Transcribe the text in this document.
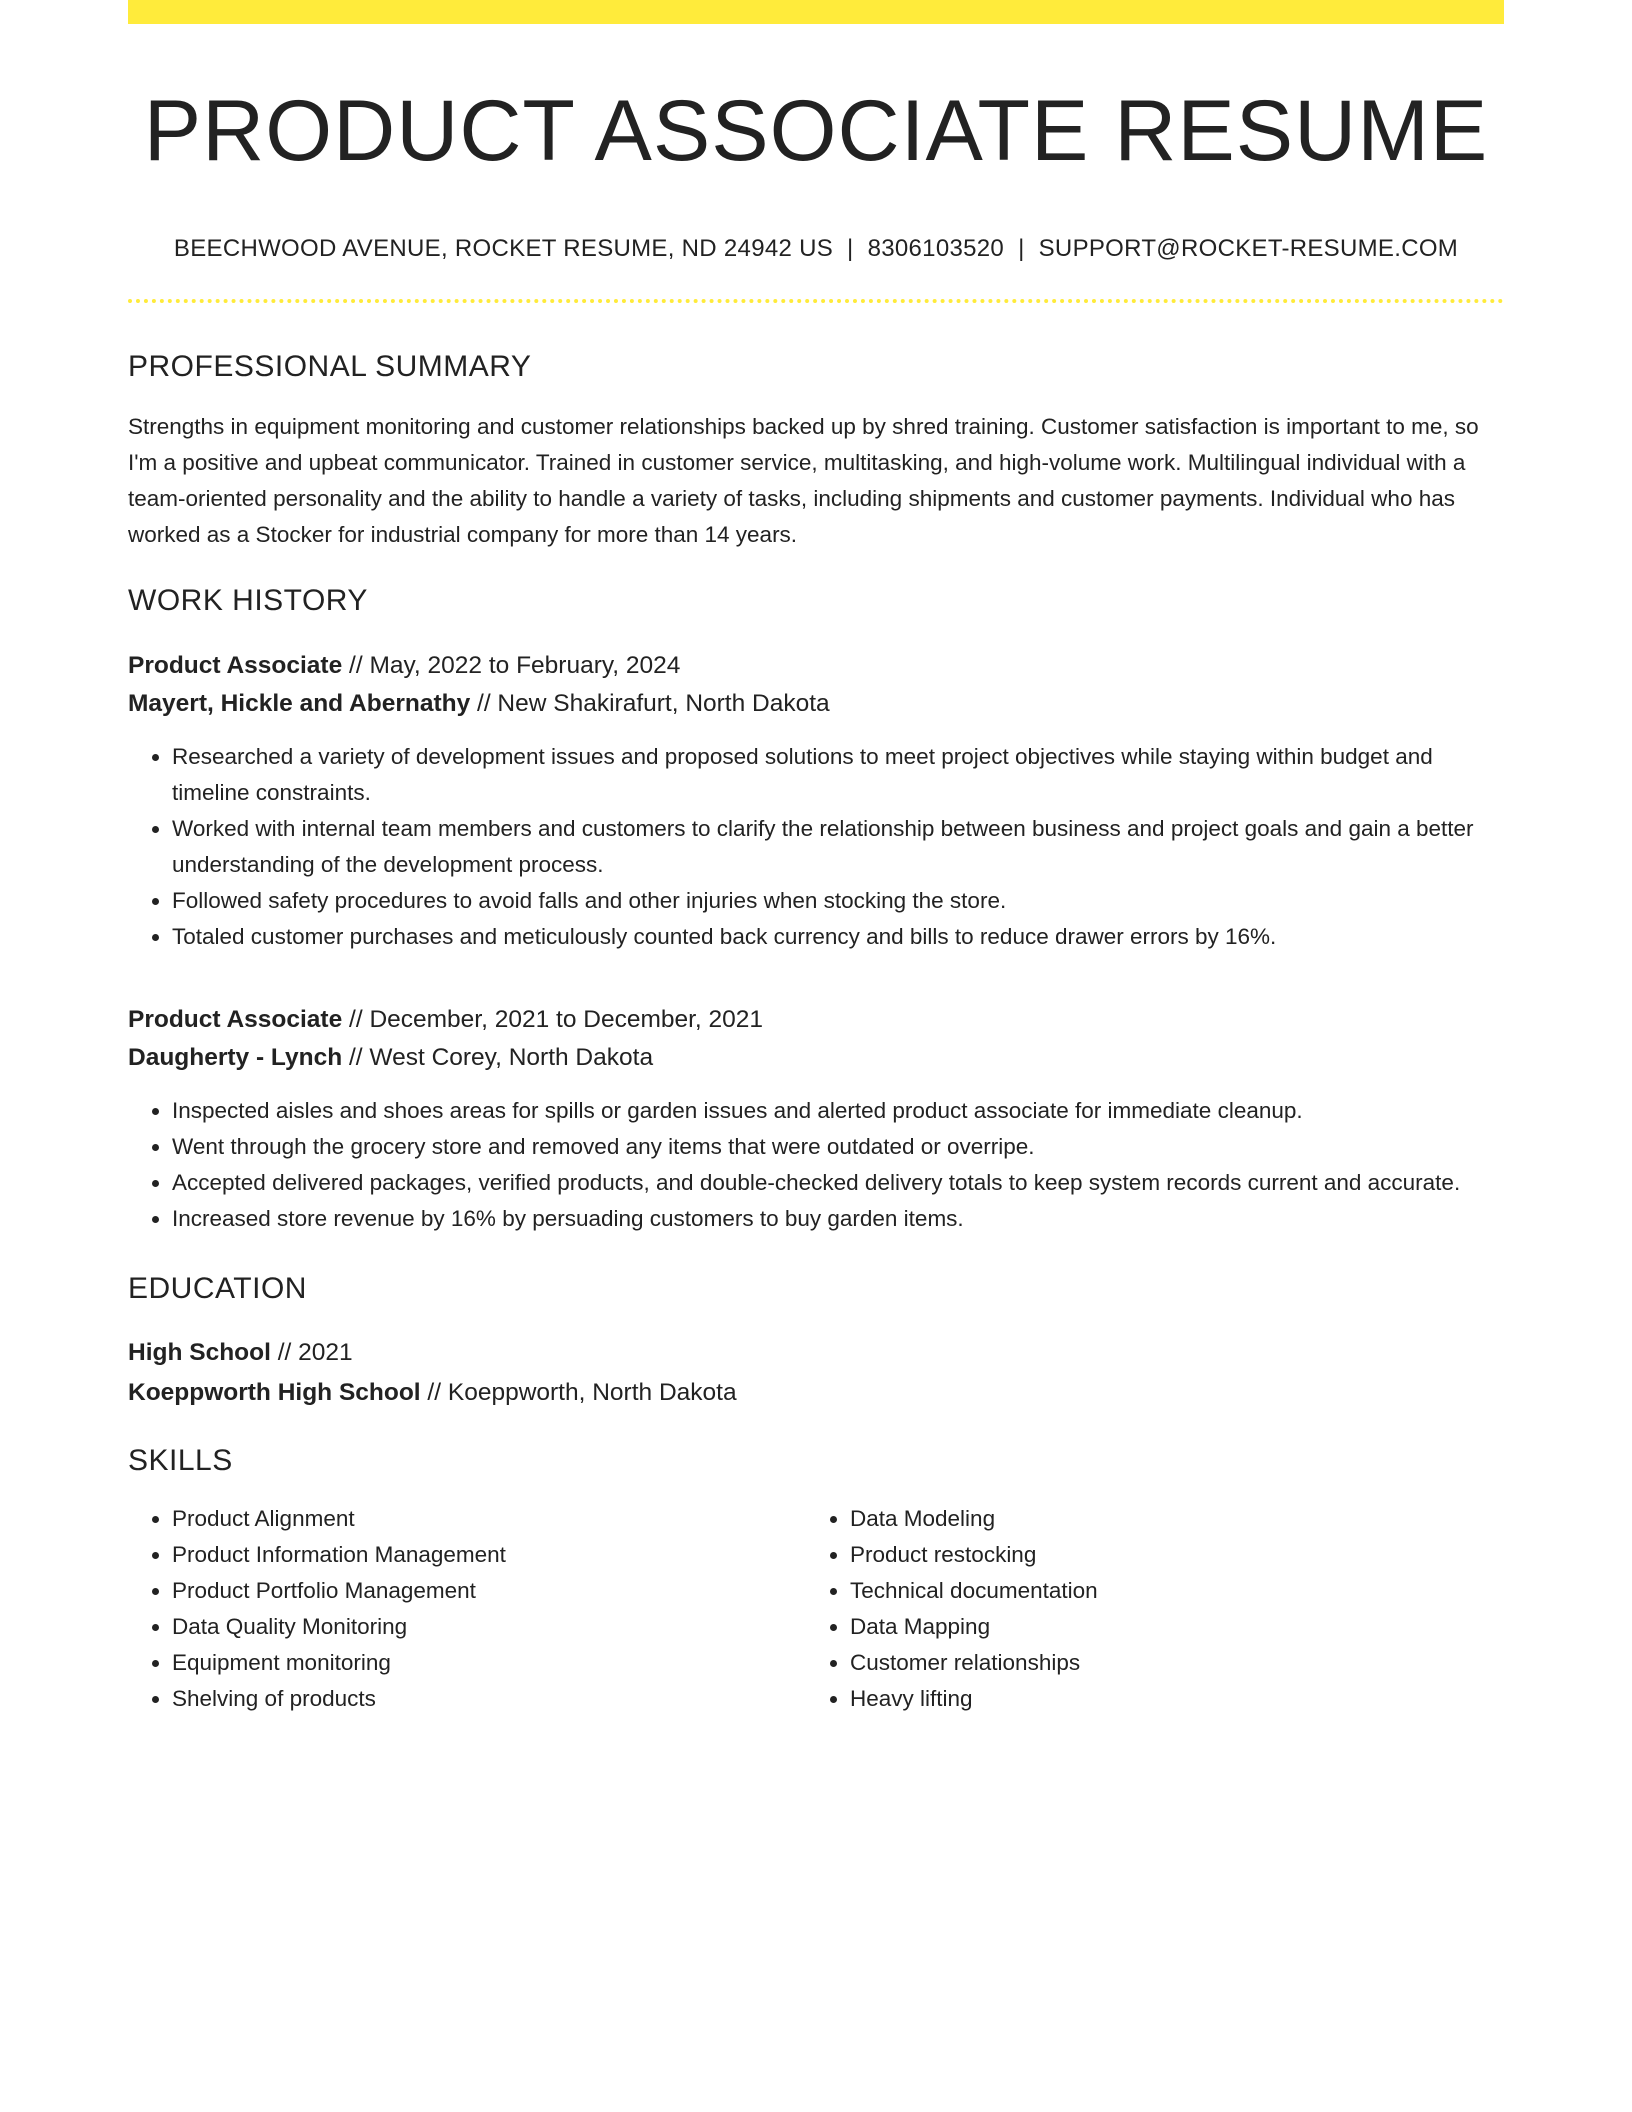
PRODUCT ASSOCIATE RESUME
BEECHWOOD AVENUE, ROCKET RESUME, ND 24942 US | 8306103520 | SUPPORT@ROCKET-RESUME.COM
PROFESSIONAL SUMMARY

Strengths in equipment monitoring and customer relationships backed up by shred training. Customer satisfaction is important to me, so I'm a positive and upbeat communicator. Trained in customer service, multitasking, and high-volume work. Multilingual individual with a team-oriented personality and the ability to handle a variety of tasks, including shipments and customer payments. Individual who has worked as a Stocker for industrial company for more than 14 years.

WORK HISTORY
Product Associate // May, 2022 to February, 2024
Mayert, Hickle and Abernathy // New Shakirafurt, North Dakota
• Researched a variety of development issues and proposed solutions to meet project objectives while staying within budget and timeline constraints.
• Worked with internal team members and customers to clarify the relationship between business and project goals and gain a better understanding of the development process.
• Followed safety procedures to avoid falls and other injuries when stocking the store.
• Totaled customer purchases and meticulously counted back currency and bills to reduce drawer errors by 16%.
Product Associate // December, 2021 to December, 2021
Daugherty - Lynch // West Corey, North Dakota
• Inspected aisles and shoes areas for spills or garden issues and alerted product associate for immediate cleanup.
• Went through the grocery store and removed any items that were outdated or overripe.
• Accepted delivered packages, verified products, and double-checked delivery totals to keep system records current and accurate.
• Increased store revenue by 16% by persuading customers to buy garden items.
EDUCATION
High School // 2021
Koeppworth High School // Koeppworth, North Dakota
SKILLS
• Product Alignment
• Product Information Management
• Product Portfolio Management
• Data Quality Monitoring
• Equipment monitoring
• Shelving of products
• Data Modeling
• Product restocking
• Technical documentation
• Data Mapping
• Customer relationships
• Heavy lifting
